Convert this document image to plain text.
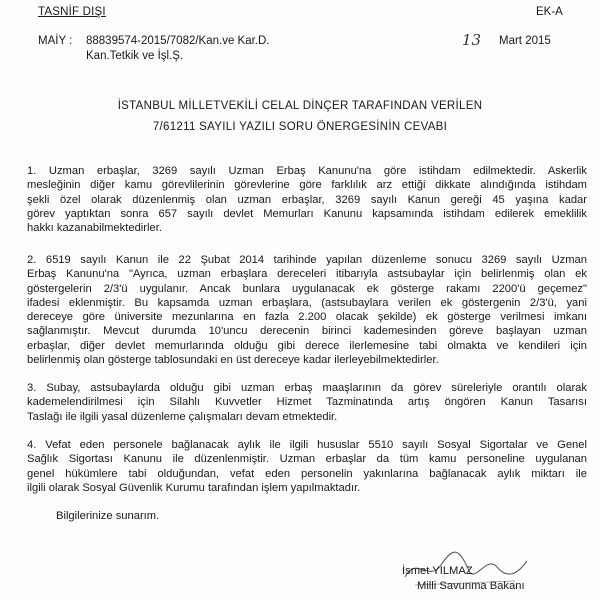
TASNİF DIŞI	EK-A
MAİY : 88839574-2015/7082/Kan.ve Kar.D.
Kan.Tetkik ve İşl.Ş.
13 Mart 2015
İSTANBUL MİLLETVEKİLİ CELAL DİNÇER TARAFINDAN VERİLEN
7/61211 SAYILI YAZILI SORU ÖNERGESİNİN CEVABI
1. Uzman erbaşlar, 3269 sayılı Uzman Erbaş Kanunu'na göre istihdam edilmektedir. Askerlik
mesleğinin diğer kamu görevlilerinin görevlerine göre farklılık arz ettiği dikkate alındığında istihdam
şekli özel olarak düzenlenmiş olan uzman erbaşlar, 3269 sayılı Kanun gereği 45 yaşına kadar
görev yaptıktan sonra 657 sayılı devlet Memurları Kanunu kapsamında istihdam edilerek emeklilik
hakkı kazanabilmektedirler.
2. 6519 sayılı Kanun ile 22 Şubat 2014 tarihinde yapılan düzenleme sonucu 3269 sayılı Uzman
Erbaş Kanunu'na "Ayrıca, uzman erbaşlara dereceleri itibarıyla astsubaylar için belirlenmiş olan ek
göstergelerin 2/3'ü uygulanır. Ancak bunlara uygulanacak ek gösterge rakamı 2200'ü geçemez"
ifadesi eklenmiştir. Bu kapsamda uzman erbaşlara, (astsubaylara verilen ek göstergenin 2/3'ü, yani
dereceye göre üniversite mezunlarına en fazla 2.200 olacak şekilde) ek gösterge verilmesi imkanı
sağlanmıştır. Mevcut durumda 10'uncu derecenin birinci kademesinden göreve başlayan uzman
erbaşlar, diğer devlet memurlarında olduğu gibi derece ilerlemesine tabi olmakta ve kendileri için
belirlenmiş olan gösterge tablosundaki en üst dereceye kadar ilerleyebilmektedirler.
3. Subay, astsubaylarda olduğu gibi uzman erbaş maaşlarının da görev süreleriyle orantılı olarak
kademelendirilmesi için Silahlı Kuvvetler Hizmet Tazminatında artış öngören Kanun Tasarısı
Taslağı ile ilgili yasal düzenleme çalışmaları devam etmektedir.
4. Vefat eden personele bağlanacak aylık ile ilgili hususlar 5510 sayılı Sosyal Sigortalar ve Genel
Sağlık Sigortası Kanunu ile düzenlenmiştir. Uzman erbaşlar da tüm kamu personeline uygulanan
genel hükümlere tabi olduğundan, vefat eden personelin yakınlarına bağlanacak aylık miktarı ile
ilgili olarak Sosyal Güvenlik Kurumu tarafından işlem yapılmaktadır.
Bilgilerinize sunarım.
İsmet YILMAZ
Milli Savunma Bakanı
